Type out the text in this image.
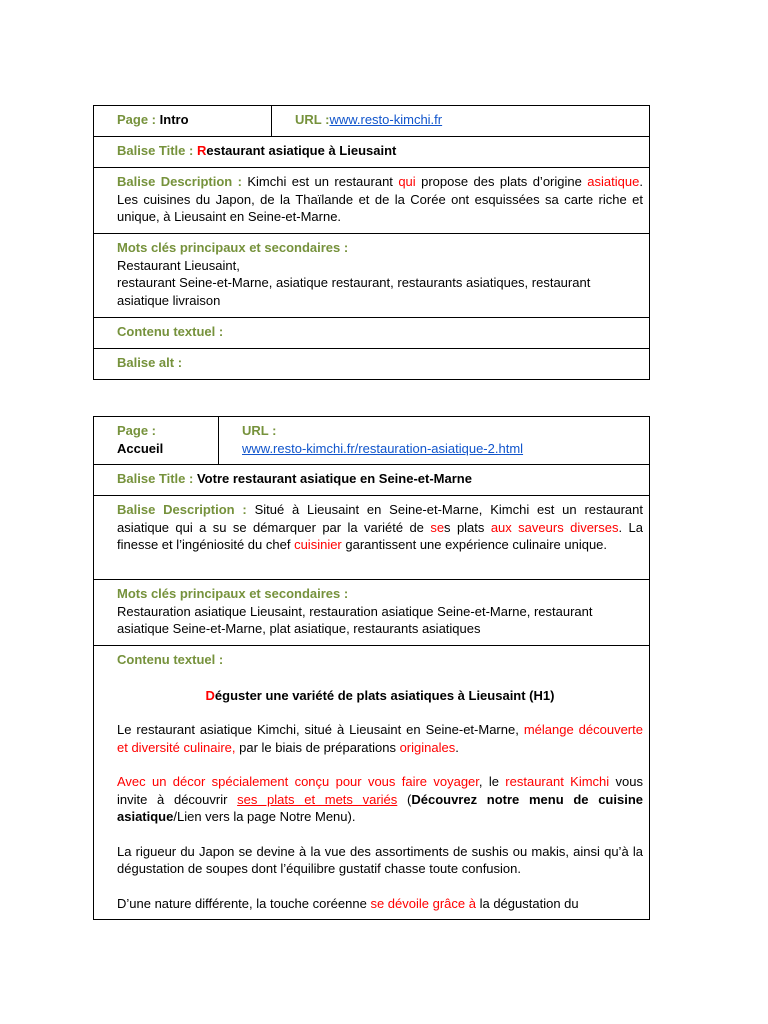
Page : Intro	URL :www.resto-kimchi.fr
Balise Title : Restaurant asiatique à Lieusaint
Balise Description : Kimchi est un restaurant qui propose des plats d’origine asiatique. Les cuisines du Japon, de la Thaïlande et de la Corée ont esquissées sa carte riche et unique, à Lieusaint en Seine-et-Marne.

Mots clés principaux et secondaires :
Restaurant Lieusaint,
restaurant Seine-et-Marne, asiatique restaurant, restaurants asiatiques, restaurant asiatique livraison

Contenu textuel :
Balise alt :
Page :
Accueil

URL :
www.resto-kimchi.fr/restauration-asiatique-2.html

Balise Title : Votre restaurant asiatique en Seine-et-Marne
Balise Description : Situé à Lieusaint en Seine-et-Marne, Kimchi est un restaurant asiatique qui a su se démarquer par la variété de ses plats aux saveurs diverses. La finesse et l’ingéniosité du chef cuisinier garantissent une expérience culinaire unique.

Mots clés principaux et secondaires :
Restauration asiatique Lieusaint, restauration asiatique Seine-et-Marne, restaurant asiatique Seine-et-Marne, plat asiatique, restaurants asiatiques

Contenu textuel :

Déguster une variété de plats asiatiques à Lieusaint (H1)

Le restaurant asiatique Kimchi, situé à Lieusaint en Seine-et-Marne, mélange découverte et diversité culinaire, par le biais de préparations originales.

Avec un décor spécialement conçu pour vous faire voyager, le restaurant Kimchi vous invite à découvrir ses plats et mets variés (Découvrez notre menu de cuisine asiatique/Lien vers la page Notre Menu).

La rigueur du Japon se devine à la vue des assortiments de sushis ou makis, ainsi qu’à la dégustation de soupes dont l’équilibre gustatif chasse toute confusion.

D’une nature différente, la touche coréenne se dévoile grâce à la dégustation du
